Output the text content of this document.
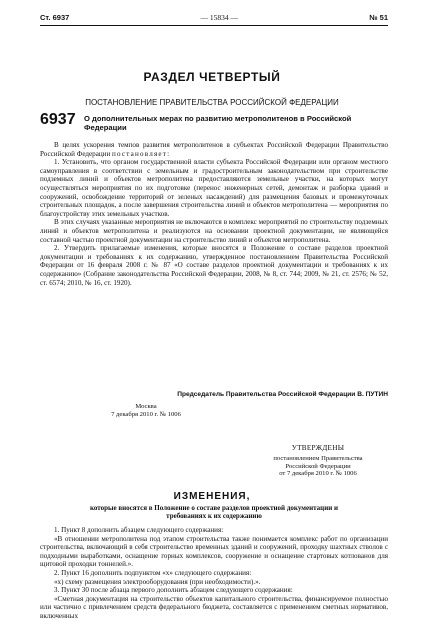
Ст. 6937	— 15834 —	№ 51
РАЗДЕЛ ЧЕТВЕРТЫЙ
ПОСТАНОВЛЕНИЕ ПРАВИТЕЛЬСТВА РОССИЙСКОЙ ФЕДЕРАЦИИ
6937 О дополнительных мерах по развитию метрополитенов в Российской Федерации

В целях ускорения темпов развития метрополитенов в субъектах Российской Федерации Правительство Российской Федерации постановляет:

1. Установить, что органом государственной власти субъекта Российской Федерации или органом местного самоуправления в соответствии с земельным и градостроительным законодательством при строительстве подземных линий и объектов метрополитена предоставляются земельные участки, на которых могут осуществляться мероприятия по их подготовке (перенос инженерных сетей, демонтаж и разборка зданий и сооружений, освобождение территорий от зеленых насаждений) для размещения базовых и промежуточных строительных площадок, а после завершения строительства линий и объектов метрополитена — мероприятия по благоустройству этих земельных участков.

В этих случаях указанные мероприятия не включаются в комплекс мероприятий по строительству подземных линий и объектов метрополитена и реализуются на основании проектной документации, не являющейся составной частью проектной документации на строительство линий и объектов метрополитена.

2. Утвердить прилагаемые изменения, которые вносятся в Положение о составе разделов проектной документации и требованиях к их содержанию, утвержденное постановлением Правительства Российской Федерации от 16 февраля 2008 г. № 87 «О составе разделов проектной документации и требованиях к их содержанию» (Собрание законодательства Российской Федерации, 2008, № 8, ст. 744; 2009, № 21, ст. 2576; № 52, ст. 6574; 2010, № 16, ст. 1920).

Председатель Правительства Российской Федерации В. ПУТИН
Москва
7 декабря 2010 г. № 1006
УТВЕРЖДЕНЫ
постановлением Правительства
Российской Федерации
от 7 декабря 2010 г. № 1006
ИЗМЕНЕНИЯ,
которые вносятся в Положение о составе разделов проектной документации и требованиях к их содержанию

1. Пункт 8 дополнить абзацем следующего содержания:

«В отношении метрополитена под этапом строительства также понимается комплекс работ по организации строительства, включающий в себя строительство временных зданий и сооружений, проходку шахтных стволов с подходными выработками, оснащение горных комплексов, сооружение и оснащение стартовых котлованов для щитовой проходки тоннелей.».

2. Пункт 16 дополнить подпунктом «х» следующего содержания:

«х) схему размещения электрооборудования (при необходимости).».

3. Пункт 30 после абзаца первого дополнить абзацем следующего содержания:

«Сметная документация на строительство объектов капитального строительства, финансируемое полностью или частично с привлечением средств федерального бюджета, составляется с применением сметных нормативов, включенных
